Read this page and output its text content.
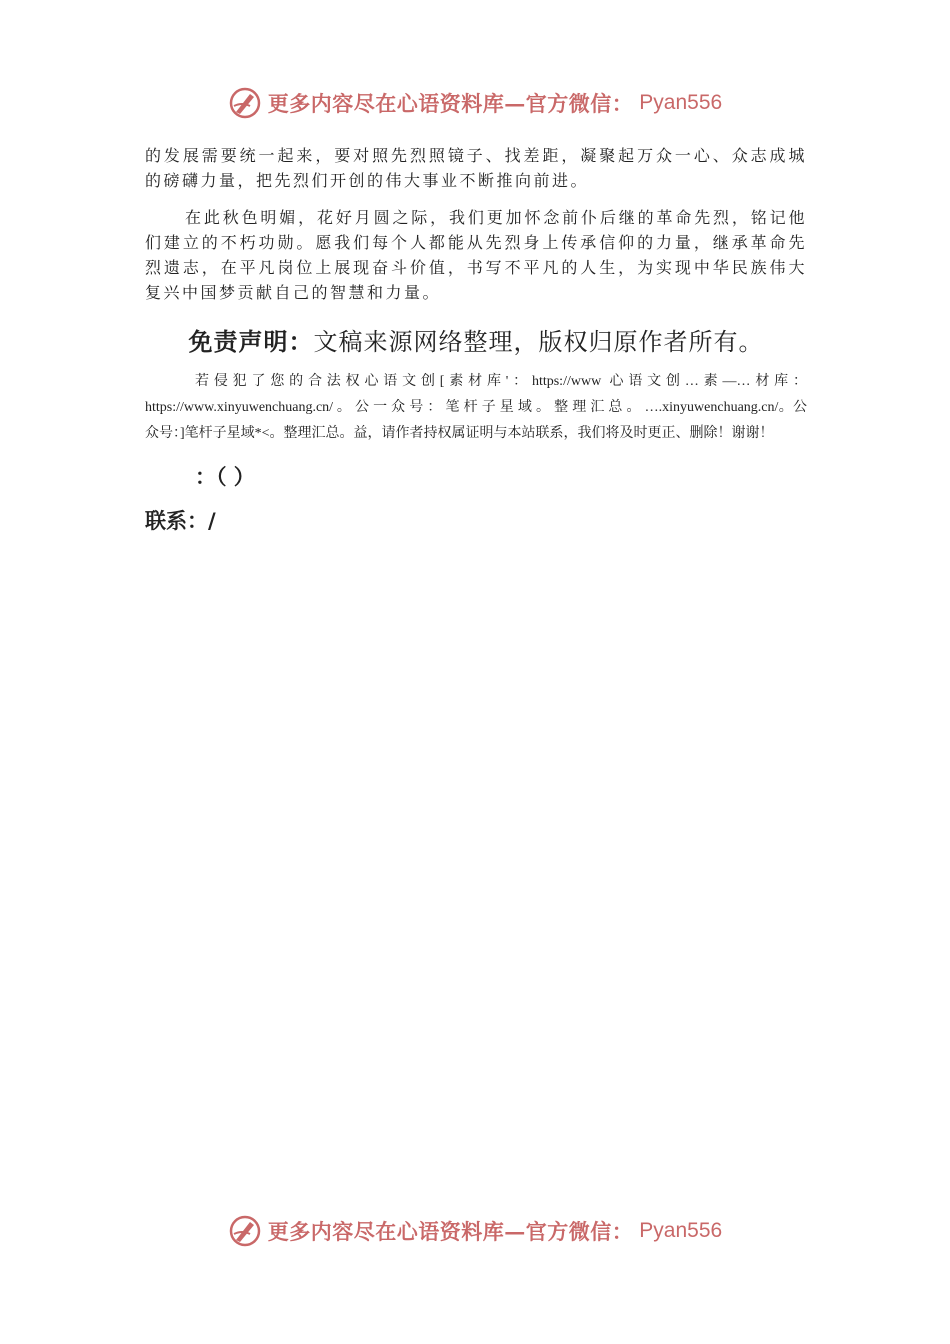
更多内容尽在心语资料库—官方微信： Pyan556

的发展需要统一起来，要对照先烈照镜子、找差距，凝聚起万众一心、众志成城的磅礴力量，把先烈们开创的伟大事业不断推向前进。

在此秋色明媚，花好月圆之际，我们更加怀念前仆后继的革命先烈，铭记他们建立的不朽功勋。愿我们每个人都能从先烈身上传承信仰的力量，继承革命先烈遗志，在平凡岗位上展现奋斗价值，书写不平凡的人生，为实现中华民族伟大复兴中国梦贡献自己的智慧和力量。

免责声明：文稿来源网络整理，版权归原作者所有。

若侵犯了您的合法权心语文创[素材库'：https://www 心语文创…素—…材库：https://www.xinyuwenchuang.cn/ 。 公 一 众 号 ： 笔 杆 子 星 域 。 整 理 汇 总 。 ….xinyuwenchuang.cn/。公众号：]笔杆子星域*<。整理汇总。益，请作者持权属证明与本站联系，我们将及时更正、删除！谢谢！

：（ ）
联系：/
更多内容尽在心语资料库—官方微信： Pyan556
